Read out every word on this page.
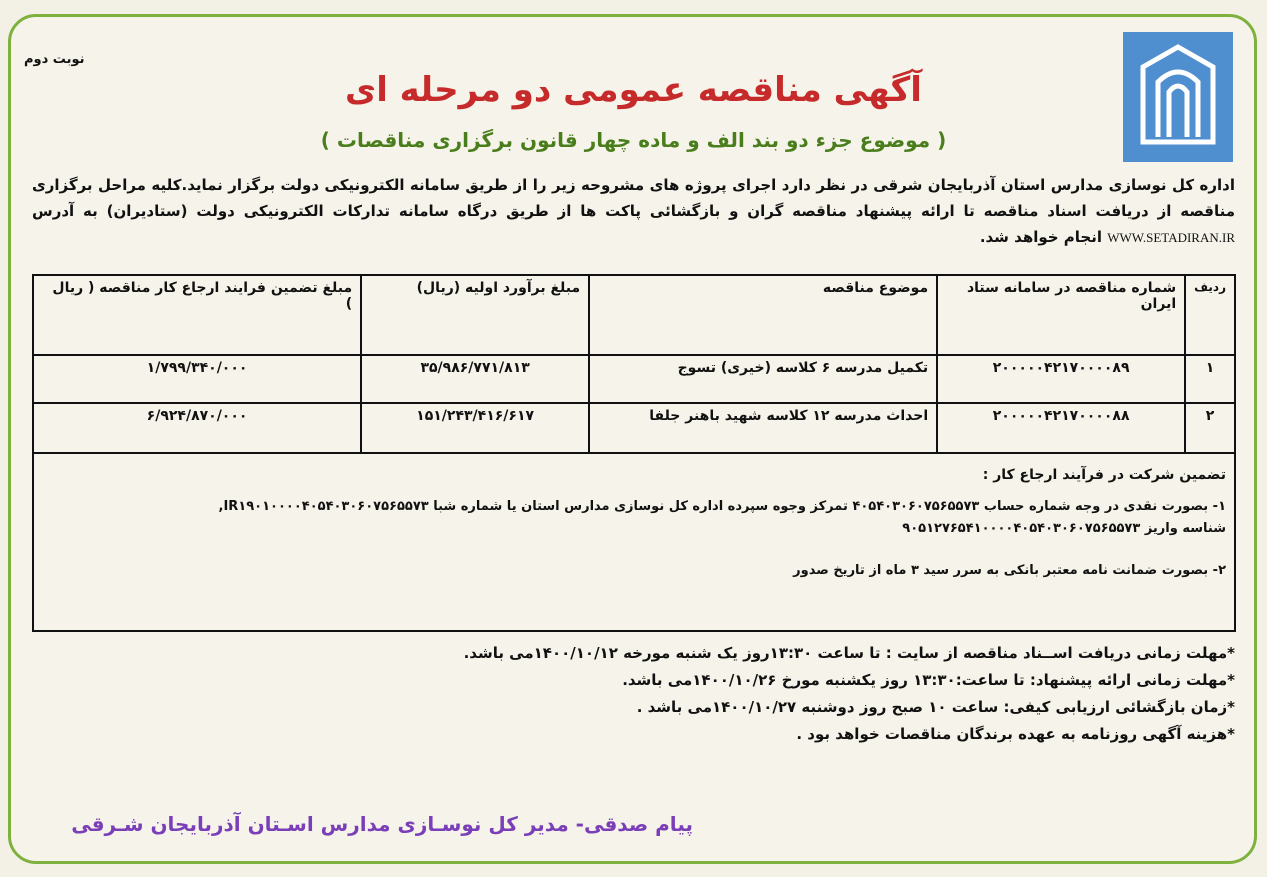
نوبت دوم
آگهی مناقصه عمومی دو مرحله ای
( موضوع جزء دو بند الف و ماده چهار قانون برگزاری مناقصات )
اداره کل نوسازی مدارس استان آذربایجان شرقی در نظر دارد اجرای پروژه های مشروحه زیر را از طریق سامانه الکترونیکی دولت برگزار نماید.کلیه مراحل برگزاری مناقصه از دریافت اسناد مناقصه تا ارائه پیشنهاد مناقصه گران و بازگشائی پاکت ها از طریق درگاه سامانه تدارکات الکترونیکی دولت (ستادیران) به آدرس WWW.SETADIRAN.IR انجام خواهد شد.
ردیف	شماره مناقصه در سامانه ستاد ایران	موضوع مناقصه	مبلغ برآورد اولیه (ریال)	مبلغ تضمین فرایند ارجاع کار مناقصه ( ریال )
۱	۲۰۰۰۰۰۴۲۱۷۰۰۰۰۸۹	تکمیل مدرسه ۶ کلاسه (خیری) تسوج	۳۵/۹۸۶/۷۷۱/۸۱۳	۱/۷۹۹/۳۴۰/۰۰۰
۲	۲۰۰۰۰۰۴۲۱۷۰۰۰۰۸۸	احداث مدرسه ۱۲ کلاسه شهید باهنر جلفا	۱۵۱/۲۴۳/۴۱۶/۶۱۷	۶/۹۲۴/۸۷۰/۰۰۰

تضمین شرکت در فرآیند ارجاع کار :
۱- بصورت نقدی در وجه شماره حساب ۴۰۵۴۰۳۰۶۰۷۵۶۵۵۷۳ تمرکز وجوه سپرده اداره کل نوسازی مدارس استان یا شماره شبا IR۱۹۰۱۰۰۰۰۴۰۵۴۰۳۰۶۰۷۵۶۵۵۷۳,
شناسه واریز ۹۰۵۱۲۷۶۵۴۱۰۰۰۰۴۰۵۴۰۳۰۶۰۷۵۶۵۵۷۳
۲- بصورت ضمانت نامه معتبر بانکی به سرر سید ۳ ماه از تاریخ صدور				
*مهلت زمانی دریافت اســناد مناقصه از سایت : تا ساعت ۱۳:۳۰روز یک شنبه مورخه ۱۴۰۰/۱۰/۱۲می باشد.
*مهلت زمانی ارائه پیشنهاد: تا ساعت:۱۳:۳۰ روز یکشنبه مورخ ۱۴۰۰/۱۰/۲۶می باشد.
*زمان بازگشائی ارزیابی کیفی: ساعت ۱۰ صبح روز دوشنبه ۱۴۰۰/۱۰/۲۷می باشد .
*هزینه آگهی روزنامه به عهده برندگان مناقصات خواهد بود .
پیام صدقی- مدیر کل نوسـازی مدارس اسـتان آذربایجان شـرقی
